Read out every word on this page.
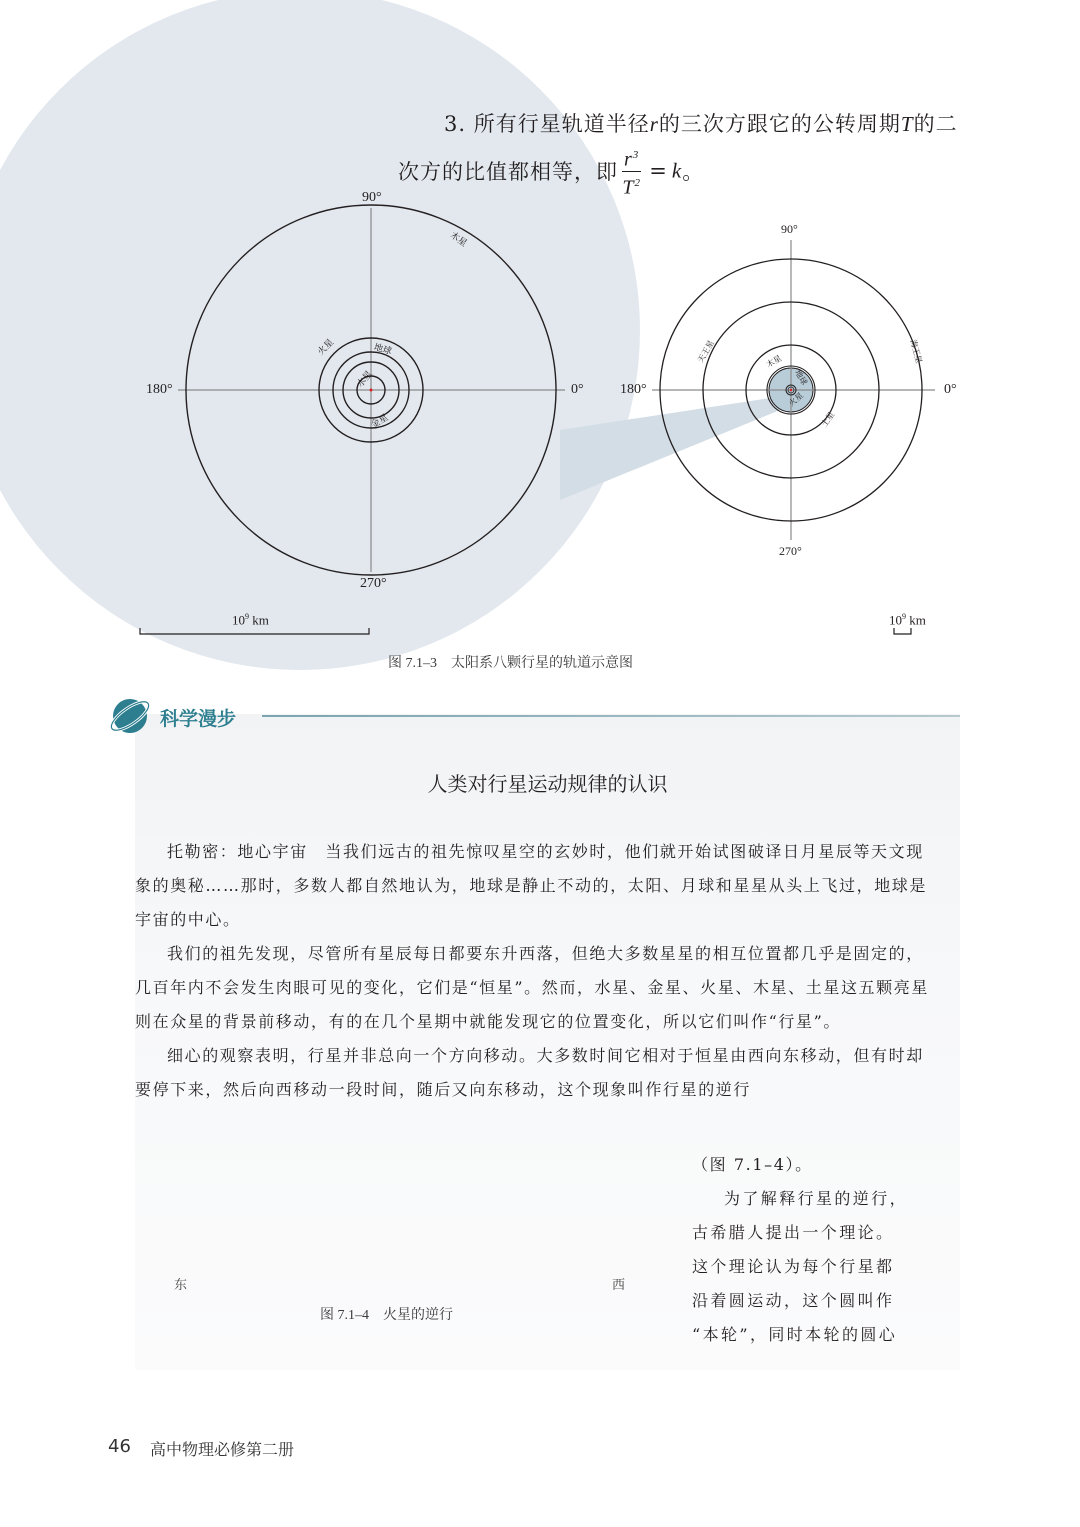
3. 所有行星轨道半径r的三次方跟它的公转周期T的二
次方的比值都相等，即 $\frac{r^3}{T^2} = k$。
90°
180°	0°
270°
水星
金星
地球
火星
木星
$10^9$ km
90°
180°	0°
270°
地球
火星
木星
土星
天王星	海王星
$10^9$ km
图 7.1–3　太阳系八颗行星的轨道示意图
科学漫步
人类对行星运动规律的认识

托勒密：地心宇宙　当我们远古的祖先惊叹星空的玄妙时，他们就开始试图破译日月星辰等天文现象的奥秘……那时，多数人都自然地认为，地球是静止不动的，太阳、月球和星星从头上飞过，地球是宇宙的中心。

我们的祖先发现，尽管所有星辰每日都要东升西落，但绝大多数星星的相互位置都几乎是固定的，几百年内不会发生肉眼可见的变化，它们是“恒星”。然而，水星、金星、火星、木星、土星这五颗亮星则在众星的背景前移动，有的在几个星期中就能发现它的位置变化，所以它们叫作“行星”。

细心的观察表明，行星并非总向一个方向移动。大多数时间它相对于恒星由西向东移动，但有时却要停下来，然后向西移动一段时间，随后又向东移动，这个现象叫作行星的逆行

（图 7.1–4）。
为了解释行星的逆行，
古希腊人提出一个理论。
这个理论认为每个行星都
沿着圆运动，这个圆叫作
“本轮”，同时本轮的圆心
东	西
图 7.1–4　火星的逆行
46 高中物理必修第二册
